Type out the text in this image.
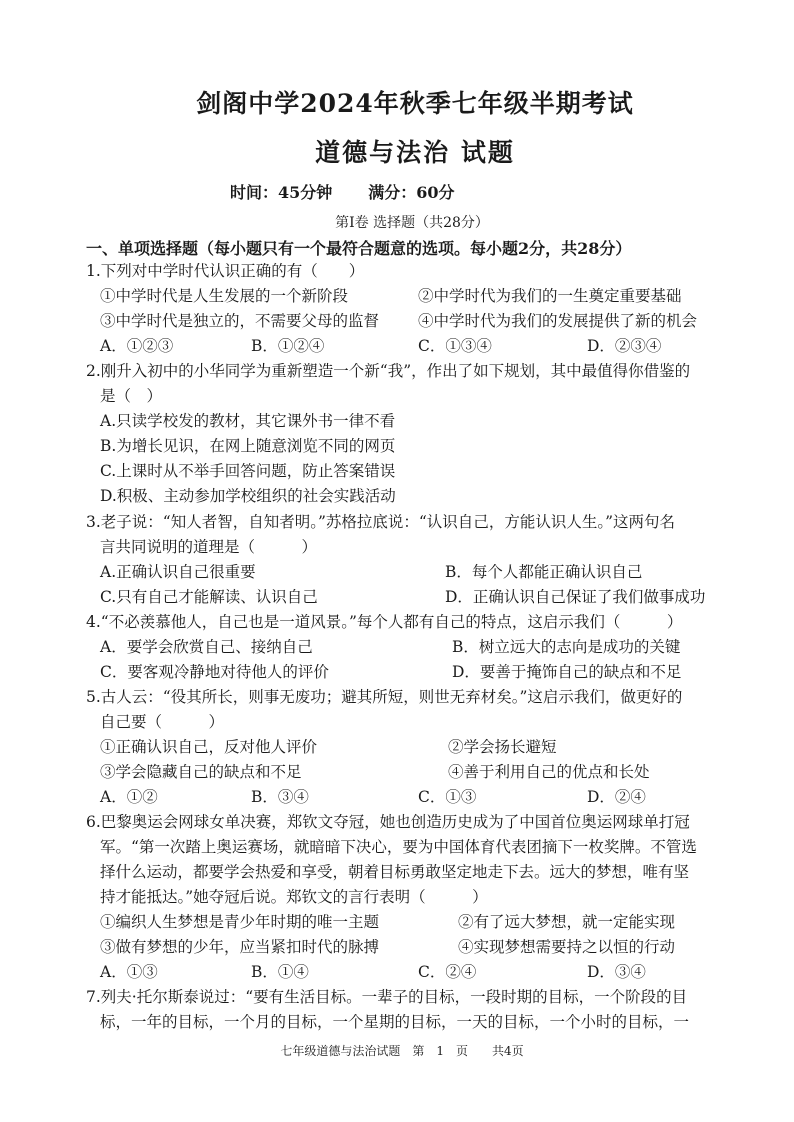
剑阁中学2024年秋季七年级半期考试
道德与法治 试题
时间：45分钟 满分：60分
第Ⅰ卷 选择题（共28分）
一、单项选择题（每小题只有一个最符合题意的选项。每小题2分，共28分）
1.下列对中学时代认识正确的有（　　）
①中学时代是人生发展的一个新阶段	②中学时代为我们的一生奠定重要基础
③中学时代是独立的，不需要父母的监督	④中学时代为我们的发展提供了新的机会
A．①②③	B．①②④	C．①③④	D．②③④
2.刚升入初中的小华同学为重新塑造一个新“我”，作出了如下规划，其中最值得你借鉴的
是（　）
A.只读学校发的教材，其它课外书一律不看
B.为增长见识，在网上随意浏览不同的网页
C.上课时从不举手回答问题，防止答案错误
D.积极、主动参加学校组织的社会实践活动
3.老子说：“知人者智，自知者明。”苏格拉底说：“认识自己，方能认识人生。”这两句名
言共同说明的道理是（　　　）
A.正确认识自己很重要	B．每个人都能正确认识自己
C.只有自己才能解读、认识自己	D．正确认识自己保证了我们做事成功
4.“不必羡慕他人，自己也是一道风景。”每个人都有自己的特点，这启示我们（　　　）
A．要学会欣赏自己、接纳自己	B．树立远大的志向是成功的关键
C．要客观冷静地对待他人的评价	D．要善于掩饰自己的缺点和不足
5.古人云：“役其所长，则事无废功；避其所短，则世无弃材矣。”这启示我们，做更好的
自己要（　　　）
①正确认识自己，反对他人评价	②学会扬长避短
③学会隐藏自己的缺点和不足	④善于利用自己的优点和长处
A．①②	B．③④	C．①③	D．②④
6.巴黎奥运会网球女单决赛，郑钦文夺冠，她也创造历史成为了中国首位奥运网球单打冠
军。“第一次踏上奥运赛场，就暗暗下决心，要为中国体育代表团摘下一枚奖牌。不管选
择什么运动，都要学会热爱和享受，朝着目标勇敢坚定地走下去。远大的梦想，唯有坚
持才能抵达。”她夺冠后说。郑钦文的言行表明（　　　）
①编织人生梦想是青少年时期的唯一主题	②有了远大梦想，就一定能实现
③做有梦想的少年，应当紧扣时代的脉搏	④实现梦想需要持之以恒的行动
A．①③	B．①④	C．②④	D．③④
7.列夫·托尔斯泰说过：“要有生活目标。一辈子的目标，一段时期的目标，一个阶段的目
标，一年的目标，一个月的目标，一个星期的目标，一天的目标，一个小时的目标，一
七年级道德与法治试题　第　1　页　　共4页
